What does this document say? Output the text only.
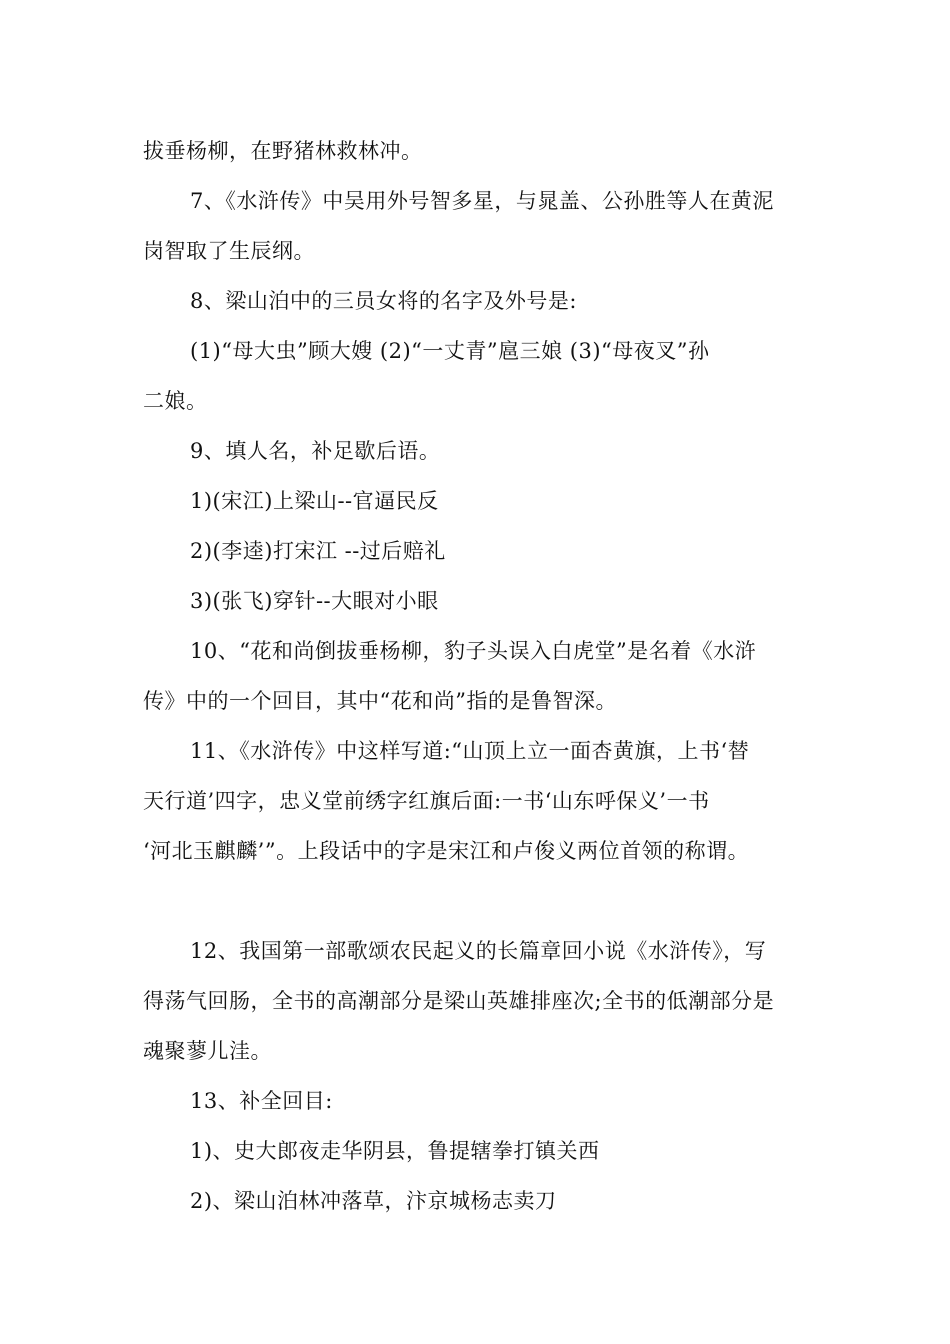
拔垂杨柳，在野猪林救林冲。
7、《水浒传》中吴用外号智多星，与晁盖、公孙胜等人在黄泥
岗智取了生辰纲。
8、梁山泊中的三员女将的名字及外号是:
(1)“母大虫”顾大嫂 (2)“一丈青”扈三娘 (3)“母夜叉”孙
二娘。
9、填人名，补足歇后语。
1)(宋江)上梁山--官逼民反
2)(李逵)打宋江 --过后赔礼
3)(张飞)穿针--大眼对小眼
10、“花和尚倒拔垂杨柳，豹子头误入白虎堂”是名着《水浒
传》中的一个回目，其中“花和尚”指的是鲁智深。
11、《水浒传》中这样写道:“山顶上立一面杏黄旗，上书‘替
天行道’四字，忠义堂前绣字红旗后面:一书‘山东呼保义’一书
‘河北玉麒麟’”。上段话中的字是宋江和卢俊义两位首领的称谓。
12、我国第一部歌颂农民起义的长篇章回小说《水浒传》，写
得荡气回肠，全书的高潮部分是梁山英雄排座次;全书的低潮部分是
魂聚蓼儿洼。
13、补全回目:
1)、史大郎夜走华阴县，鲁提辖拳打镇关西
2)、梁山泊林冲落草，汴京城杨志卖刀
